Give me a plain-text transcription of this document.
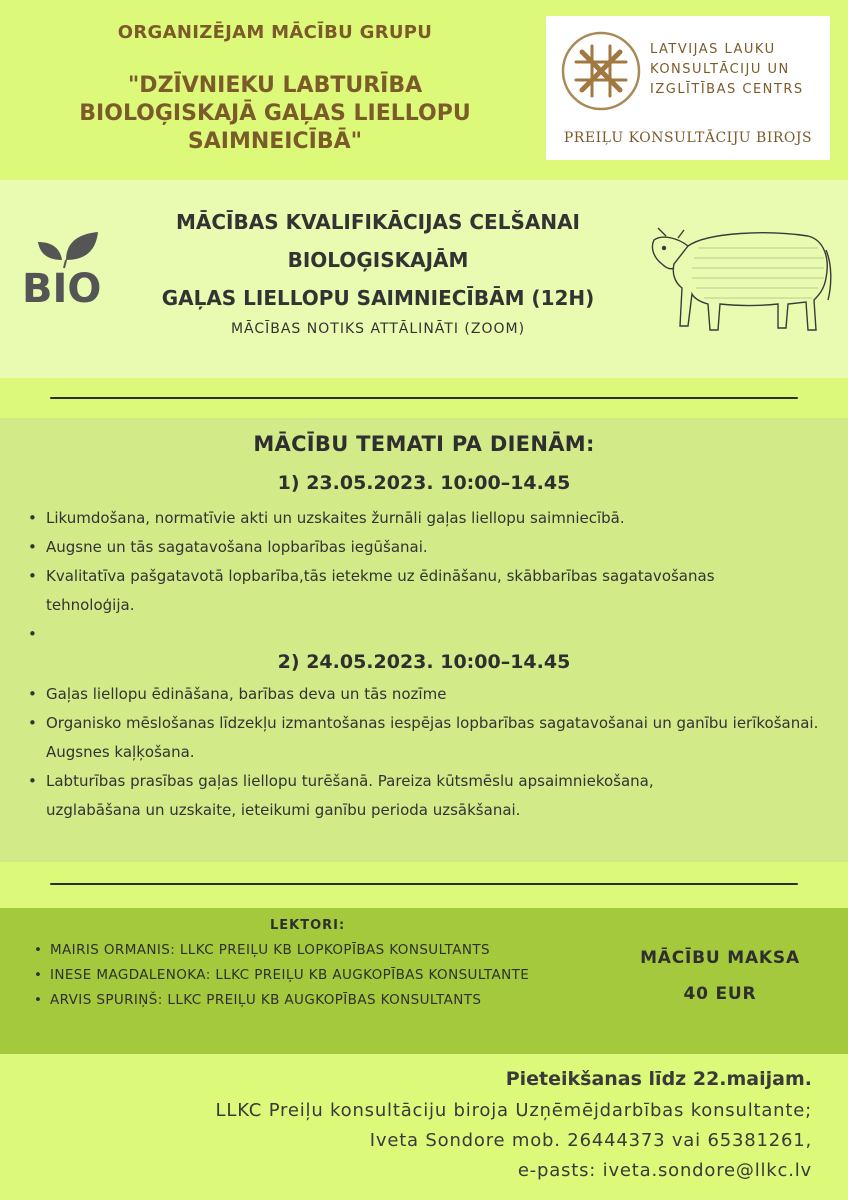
ORGANIZĒJAM MĀCĪBU GRUPU
"DZĪVNIEKU LABTURĪBA
BIOLOĢISKAJĀ GAĻAS LIELLOPU
SAIMNEICĪBĀ"
LATVIJAS LAUKU
KONSULTĀCIJU UN
IZGLĪTĪBAS CENTRS
PREIĻU KONSULTĀCIJU BIROJS
BIO
MĀCĪBAS KVALIFIKĀCIJAS CELŠANAI
BIOLOĢISKAJĀM
GAĻAS LIELLOPU SAIMNIECĪBĀM (12H)
MĀCĪBAS NOTIKS ATTĀLINĀTI (ZOOM)
MĀCĪBU TEMATI PA DIENĀM:
1) 23.05.2023. 10:00–14.45
• Likumdošana, normatīvie akti un uzskaites žurnāli gaļas liellopu saimniecībā.
• Augsne un tās sagatavošana lopbarības iegūšanai.
• Kvalitatīva pašgatavotā lopbarība,tās ietekme uz ēdināšanu, skābbarības sagatavošanas tehnoloģija.
•
2) 24.05.2023. 10:00–14.45
• Gaļas liellopu ēdināšana, barības deva un tās nozīme
• Organisko mēslošanas līdzekļu izmantošanas iespējas lopbarības sagatavošanai un ganību ierīkošanai. Augsnes kaļķošana.
• Labturības prasības gaļas liellopu turēšanā. Pareiza kūtsmēslu apsaimniekošana, uzglabāšana un uzskaite, ieteikumi ganību perioda uzsākšanai.
LEKTORI:
• MAIRIS ORMANIS: LLKC PREIĻU KB LOPKOPĪBAS KONSULTANTS
• INESE MAGDALENOKA: LLKC PREIĻU KB AUGKOPĪBAS KONSULTANTE
• ARVIS SPURIŅŠ: LLKC PREIĻU KB AUGKOPĪBAS KONSULTANTS
MĀCĪBU MAKSA
40 EUR
Pieteikšanas līdz 22.maijam.
LLKC Preiļu konsultāciju biroja Uzņēmējdarbības konsultante;
Iveta Sondore mob. 26444373 vai 65381261,
e-pasts: iveta.sondore@llkc.lv
